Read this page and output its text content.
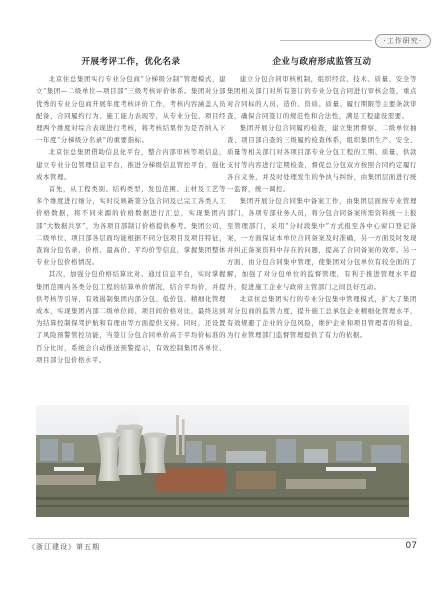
·工作研究·
开展考评工作，优化名录

北京住总集团实行专业分包商“分梯级分制”管理模式，建立“集团—二级单位—项目部”三级考核评价体系。集团对分部优秀的专业分包商开展年度考核评价工作，考核内容涵盖人员配备、合同履约行为、施工能力表现等，从专业分包、项目经理两个维度对综合表现进行考核，将考核结果作为是否纳入下一年度“分梯级分名录”的重要指标。

北京住总集团借助信息化平台，整合内部审核等项信息，建立专业分包管理信息平台，推进分梯级信息管控平台，强化成本管理。

首先，从工程类别、结构类型、发包范围、主材及工艺等多个维度进行细分，实时反映新签分包合同及已完工各类人工价格数据，将不同来源的价格数据进行汇总，实现集团内部“大数据共享”，为各项目部制订价格提供参考。集团公司、二级单位、项目部各层面均能根据不同分包项目及项目特征，查询分包名录、价格、最高价、平均价等信息，掌握集团整体专业分包价格情况。

其次，加强分包价格结算比对。通过信息平台，实时掌握集团范围内各类分包工程的结算单价情况，结合平均价，并提供考核等引导，有效遏制集团内部分包、低价包、精细化管理成本，实现集团内部二级单位间、项目间价格对比，最终达到为结算控制保驾护航和有理由等方面提供支持。同时，还设置了风险预警管控功能，当签订分包合同单价高于平均价标准的百分比时，系统会自动推送预警提示，有效控制集团各单位、项目部分包价格水平。

企业与政府形成监管互动

建立分包合同审核机制，组织经营、技术、质量、安全等集团相关部门对所有签订的专业分包合同进行审核会签，重点对合同标的人员、造价、资质、质量、履行期限等主要条款审查，确保合同签订的规范性和合法性，满足工程建设需要。

集团开展分包合同履约检查，建立集团督察、二级单位抽查、项目部自查的三级履约检查体系，组织集团生产、安全、质量等相关部门对各项目部专业分包工程的工期、质量、供款支付等内容进行定期检查，督促总分包双方按照合同约定履行各自义务，并及时处理发生的争执与纠纷，由集团层面进行统一监督，统一调控。

集团开展分包合同集中备案工作，由集团层面按专业管理部门，各项专部业务人员，将分包合同备案所需资料统一上报至管理部门，采用“分时段集中”方式报至各中心窗口登记备案，一方面保证本单位合同备案及时准确，另一方面及时发现并纠正备案资料中存在的问题，提高了合同备案的效率。另一方面，由分包合同集中管理，使集团对分包单位有较全面的了解，加强了对分包单位的监督管理，有利于推进管理水平提升，促进施工企业与政府主管部门之间良好互动。

北京住总集团实行的专业分包集中管理模式，扩大了集团对分包商的监管力度，提升施工总承包企业精细化管理水平，有效规避了企业的分包风险，维护企业和项目管理者的利益，为行业管理部门监督管理提供了有力的依据。

《浙江建设》第五期	07
